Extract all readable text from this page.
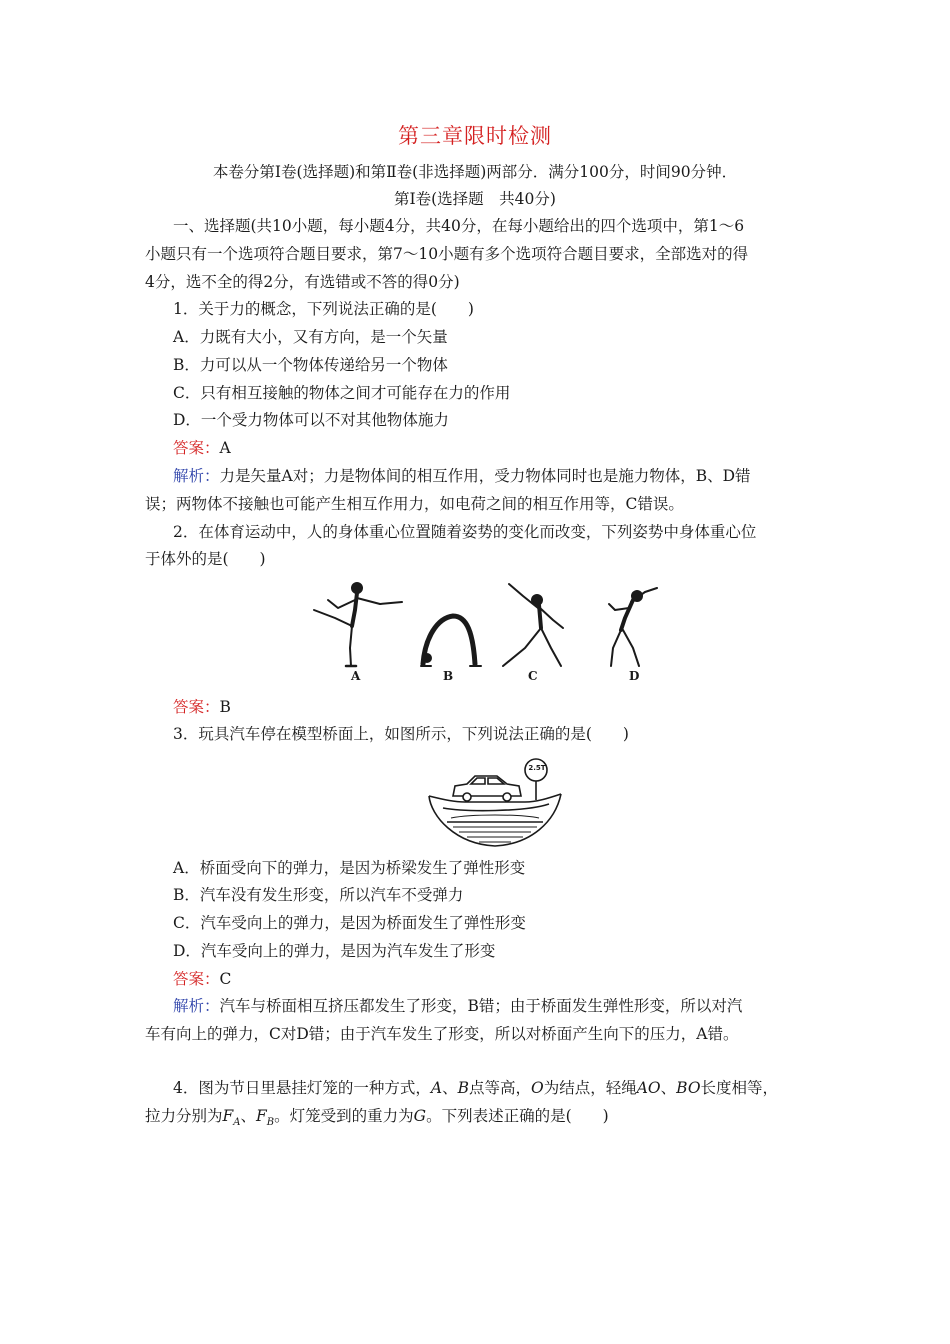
第三章限时检测
本卷分第Ⅰ卷(选择题)和第Ⅱ卷(非选择题)两部分．满分100分，时间90分钟．
第Ⅰ卷(选择题　共40分)
一、选择题(共10小题，每小题4分，共40分，在每小题给出的四个选项中，第1～6
小题只有一个选项符合题目要求，第7～10小题有多个选项符合题目要求，全部选对的得
4分，选不全的得2分，有选错或不答的得0分)
1．关于力的概念，下列说法正确的是(　　)
A．力既有大小，又有方向，是一个矢量
B．力可以从一个物体传递给另一个物体
C．只有相互接触的物体之间才可能存在力的作用
D．一个受力物体可以不对其他物体施力
答案：A
解析：力是矢量A对；力是物体间的相互作用，受力物体同时也是施力物体，B、D错
误；两物体不接触也可能产生相互作用力，如电荷之间的相互作用等，C错误。
2．在体育运动中，人的身体重心位置随着姿势的变化而改变，下列姿势中身体重心位
于体外的是(　　)
A	B	C	D
答案：B
3．玩具汽车停在模型桥面上，如图所示，下列说法正确的是(　　)
2.5T
A．桥面受向下的弹力，是因为桥梁发生了弹性形变
B．汽车没有发生形变，所以汽车不受弹力
C．汽车受向上的弹力，是因为桥面发生了弹性形变
D．汽车受向上的弹力，是因为汽车发生了形变
答案：C
解析：汽车与桥面相互挤压都发生了形变，B错；由于桥面发生弹性形变，所以对汽
车有向上的弹力，C对D错；由于汽车发生了形变，所以对桥面产生向下的压力，A错。
4．图为节日里悬挂灯笼的一种方式，A、B点等高，O为结点，轻绳AO、BO长度相等，
拉力分别为$F_A$、$F_B$。灯笼受到的重力为G。下列表述正确的是(　　)
